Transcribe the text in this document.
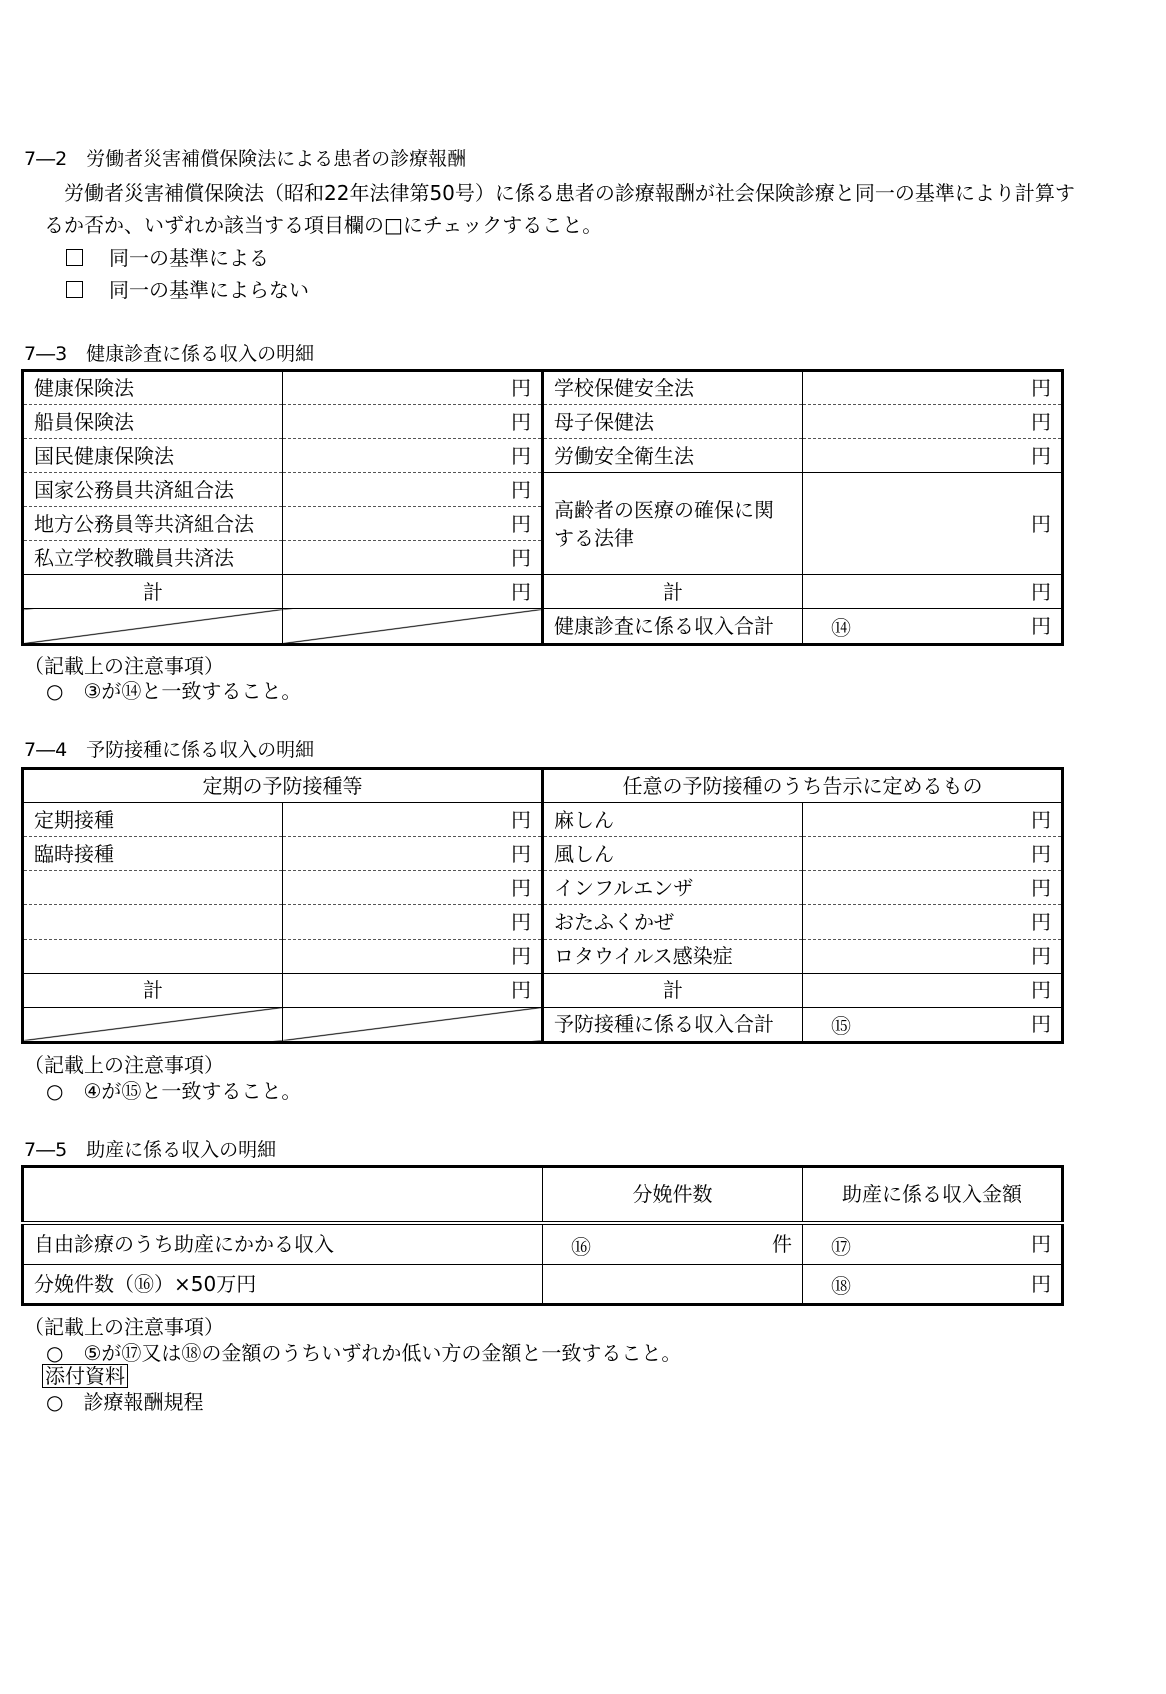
7―2　労働者災害補償保険法による患者の診療報酬
労働者災害補償保険法（昭和22年法律第50号）に係る患者の診療報酬が社会保険診療と同一の基準により計算す
るか否か、いずれか該当する項目欄の□にチェックすること。
同一の基準による
同一の基準によらない
7―3　健康診査に係る収入の明細
健康保険法	円	学校保健安全法	円
船員保険法	円	母子保健法	円
国民健康保険法	円	労働安全衛生法	円
国家公務員共済組合法	円	高齢者の医療の確保に関する法律	円
地方公務員等共済組合法	円		
私立学校教職員共済法	円		
計	円	計	円
		健康診査に係る収入合計	⑭ 円
（記載上の注意事項）
○　③が⑭と一致すること。
7―4　予防接種に係る収入の明細
定期の予防接種等		任意の予防接種のうち告示に定めるもの	
定期接種	円	麻しん	円
臨時接種	円	風しん	円
	円	インフルエンザ	円
	円	おたふくかぜ	円
	円	ロタウイルス感染症	円
計	円	計	円
		予防接種に係る収入合計	⑮ 円
（記載上の注意事項）
○　④が⑮と一致すること。
7―5　助産に係る収入の明細
	分娩件数	助産に係る収入金額
自由診療のうち助産にかかる収入	⑯ 件	⑰ 円
分娩件数（⑯）×50万円		⑱ 円
（記載上の注意事項）
○　⑤が⑰又は⑱の金額のうちいずれか低い方の金額と一致すること。
添付資料
○　診療報酬規程
